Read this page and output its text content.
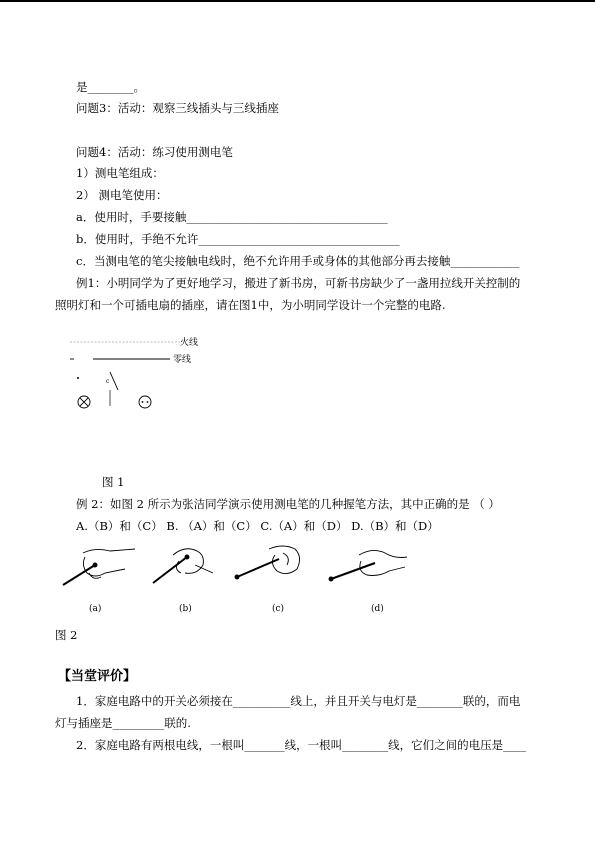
是________。
问题3：活动：观察三线插头与三线插座
问题4：活动：练习使用测电笔
1）测电笔组成：
2） 测电笔使用：
a．使用时，手要接触___________________________________
b．使用时，手绝不允许___________________________________
c．当测电笔的笔尖接触电线时，绝不允许用手或身体的其他部分再去接触____________
例1：小明同学为了更好地学习，搬进了新书房，可新书房缺少了一盏用拉线开关控制的
照明灯和一个可插电扇的插座，请在图1中，为小明同学设计一个完整的电路.
火线
零线
c
图 1
例 2：如图 2 所示为张洁同学演示使用测电笔的几种握笔方法，其中正确的是 （ ）
A.（B）和（C） B. （A）和（C） C.（A）和（D） D.（B）和（D）
(a)	(b)	(c)	(d)
图 2
【当堂评价】
1．家庭电路中的开关必须接在__________线上，并且开关与电灯是________联的，而电
灯与插座是_________联的.
2．家庭电路有两根电线，一根叫_______线，一根叫________线，它们之间的电压是____
